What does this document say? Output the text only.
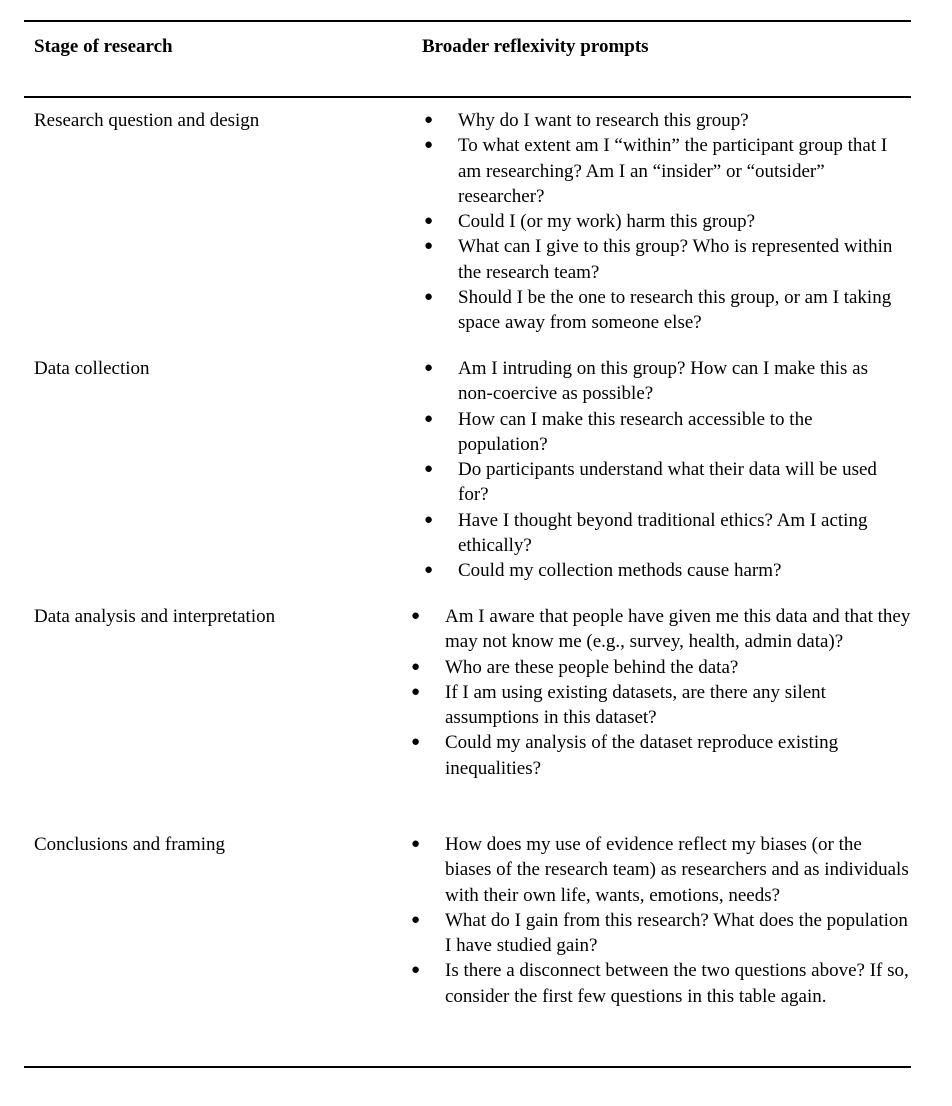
Stage of research	Broader reflexivity prompts
Research question and design	●	Why do I want to research this group?
●	To what extent am I “within” the participant group that I am researching? Am I an “insider” or “outsider” researcher?
●	Could I (or my work) harm this group?
●	What can I give to this group? Who is represented within the research team?
●	Should I be the one to research this group, or am I taking space away from someone else?
Data collection	●	Am I intruding on this group? How can I make this as non-coercive as possible?
●	How can I make this research accessible to the population?
●	Do participants understand what their data will be used for?
●	Have I thought beyond traditional ethics? Am I acting ethically?
●	Could my collection methods cause harm?
Data analysis and interpretation	●	Am I aware that people have given me this data and that they may not know me (e.g., survey, health, admin data)?
●	Who are these people behind the data?
●	If I am using existing datasets, are there any silent assumptions in this dataset?
●	Could my analysis of the dataset reproduce existing inequalities?
Conclusions and framing	●	How does my use of evidence reflect my biases (or the biases of the research team) as researchers and as individuals with their own life, wants, emotions, needs?
●	What do I gain from this research? What does the population I have studied gain?
●	Is there a disconnect between the two questions above? If so, consider the first few questions in this table again.
